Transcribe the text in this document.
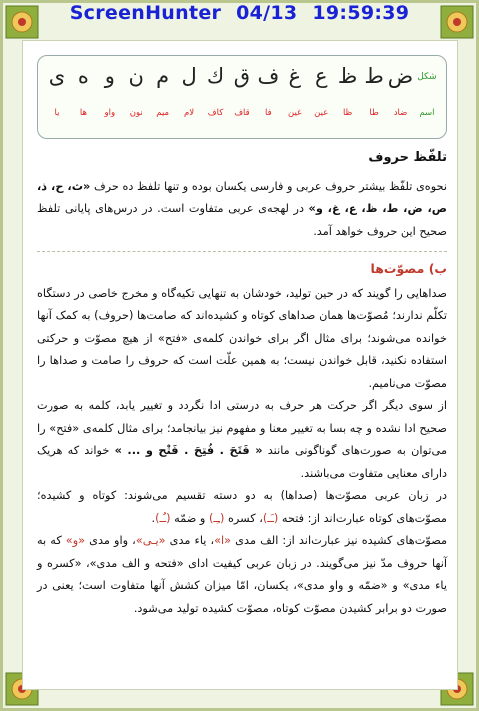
ScreenHunter 04/13 19:59:39
شکل
ض
ط
ظ
ع
غ
ف
ق
ك
ل
م
ن
و
ه
ی
اسم
ضاد
طا
ظا
عین
غین
فا
قاف
کاف
لام
میم
نون
واو
ها
یا
تلفّظ حروف

نحوه‌ی تلفّظ بیشتر حروف عربی و فارسی یکسان بوده و تنها تلفظ ده حرف «ث، ح، ذ، ص، ض، ط، ظ، ع، غ، و» در لهجه‌ی عربی متفاوت است. در درس‌های پایانی تلفظ صحیح این حروف خواهد آمد.

ب) مصوّت‌ها

صداهایی را گویند که در حین تولید، خودشان به تنهایی تکیه‌گاه و مخرج خاصی در دستگاه تکلّم ندارند؛ مُصوّت‌ها همان صداهای کوتاه و کشیده‌اند که صامت‌ها (حروف) به کمک آنها خوانده می‌شوند؛ برای مثال اگر برای خواندن کلمه‌ی «فتح» از هیچ مصوّت و حرکتی استفاده نکنید، قابل خواندن نیست؛ به همین علّت است که حروف را صامت و صداها را مصوّت می‌نامیم.

از سوی دیگر اگر حرکت هر حرف به درستی ادا نگردد و تغییر یابد، کلمه به صورت صحیح ادا نشده و چه بسا به تغییر معنا و مفهوم نیز بیانجامد؛ برای مثال کلمه‌ی «فتح» را می‌توان به صورت‌های گوناگونی مانند « فَتَحَ . فُتِحَ . فَتْح و ... » خواند که هریک دارای معنایی متفاوت می‌باشند.

در زبان عربی مصوّت‌ها (صداها) به دو دسته تقسیم می‌شوند: کوتاه و کشیده؛ مصوّت‌های کوتاه عبارت‌اند از: فتحه (ـَـ)، کسره (ـِـ) و ضمّه (ـُـ).

مصوّت‌های کشیده نیز عبارت‌اند از: الف مدی «ا»، یاء مدی «یـی»، واو مدی «و» که به آنها حروف مدّ نیز می‌گویند. در زبان عربی کیفیت ادای «فتحه و الف مدی»، «کسره و یاء مدی» و «ضمّه و واو مدی»، یکسان، امّا میزان کشش آنها متفاوت است؛ یعنی در صورت دو برابر کشیدن مصوّت کوتاه، مصوّت کشیده تولید می‌شود.
